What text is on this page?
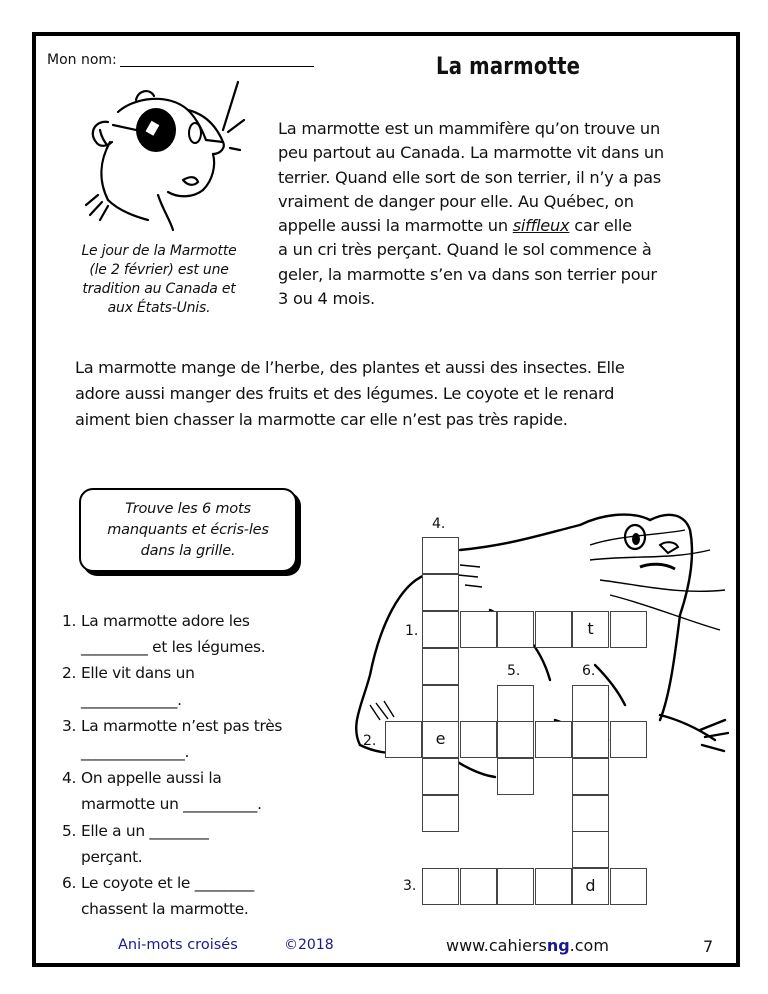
Mon nom:	La marmotte
La marmotte est un mammifère qu’on trouve un
peu partout au Canada. La marmotte vit dans un
terrier. Quand elle sort de son terrier, il n’y a pas
vraiment de danger pour elle. Au Québec, on
appelle aussi la marmotte un siffleux car elle
a un cri très perçant. Quand le sol commence à
geler, la marmotte s’en va dans son terrier pour
3 ou 4 mois.
Le jour de la Marmotte
(le 2 février) est une
tradition au Canada et
aux États-Unis.
La marmotte mange de l’herbe, des plantes et aussi des insectes. Elle
adore aussi manger des fruits et des légumes. Le coyote et le renard
aiment bien chasser la marmotte car elle n’est pas très rapide.
Trouve les 6 mots
manquants et écris-les
dans la grille.
1. La marmotte adore les
_________ et les légumes.
2. Elle vit dans un
_____________.
3. La marmotte n’est pas très
______________.
4. On appelle aussi la
marmotte un __________.
5. Elle a un ________
perçant.
6. Le coyote et le ________
chassent la marmotte.
t
e
d
4.
1.
5.	6.
2.
3.
Ani-mots croisés	©2018	www.cahiersng.com	7
